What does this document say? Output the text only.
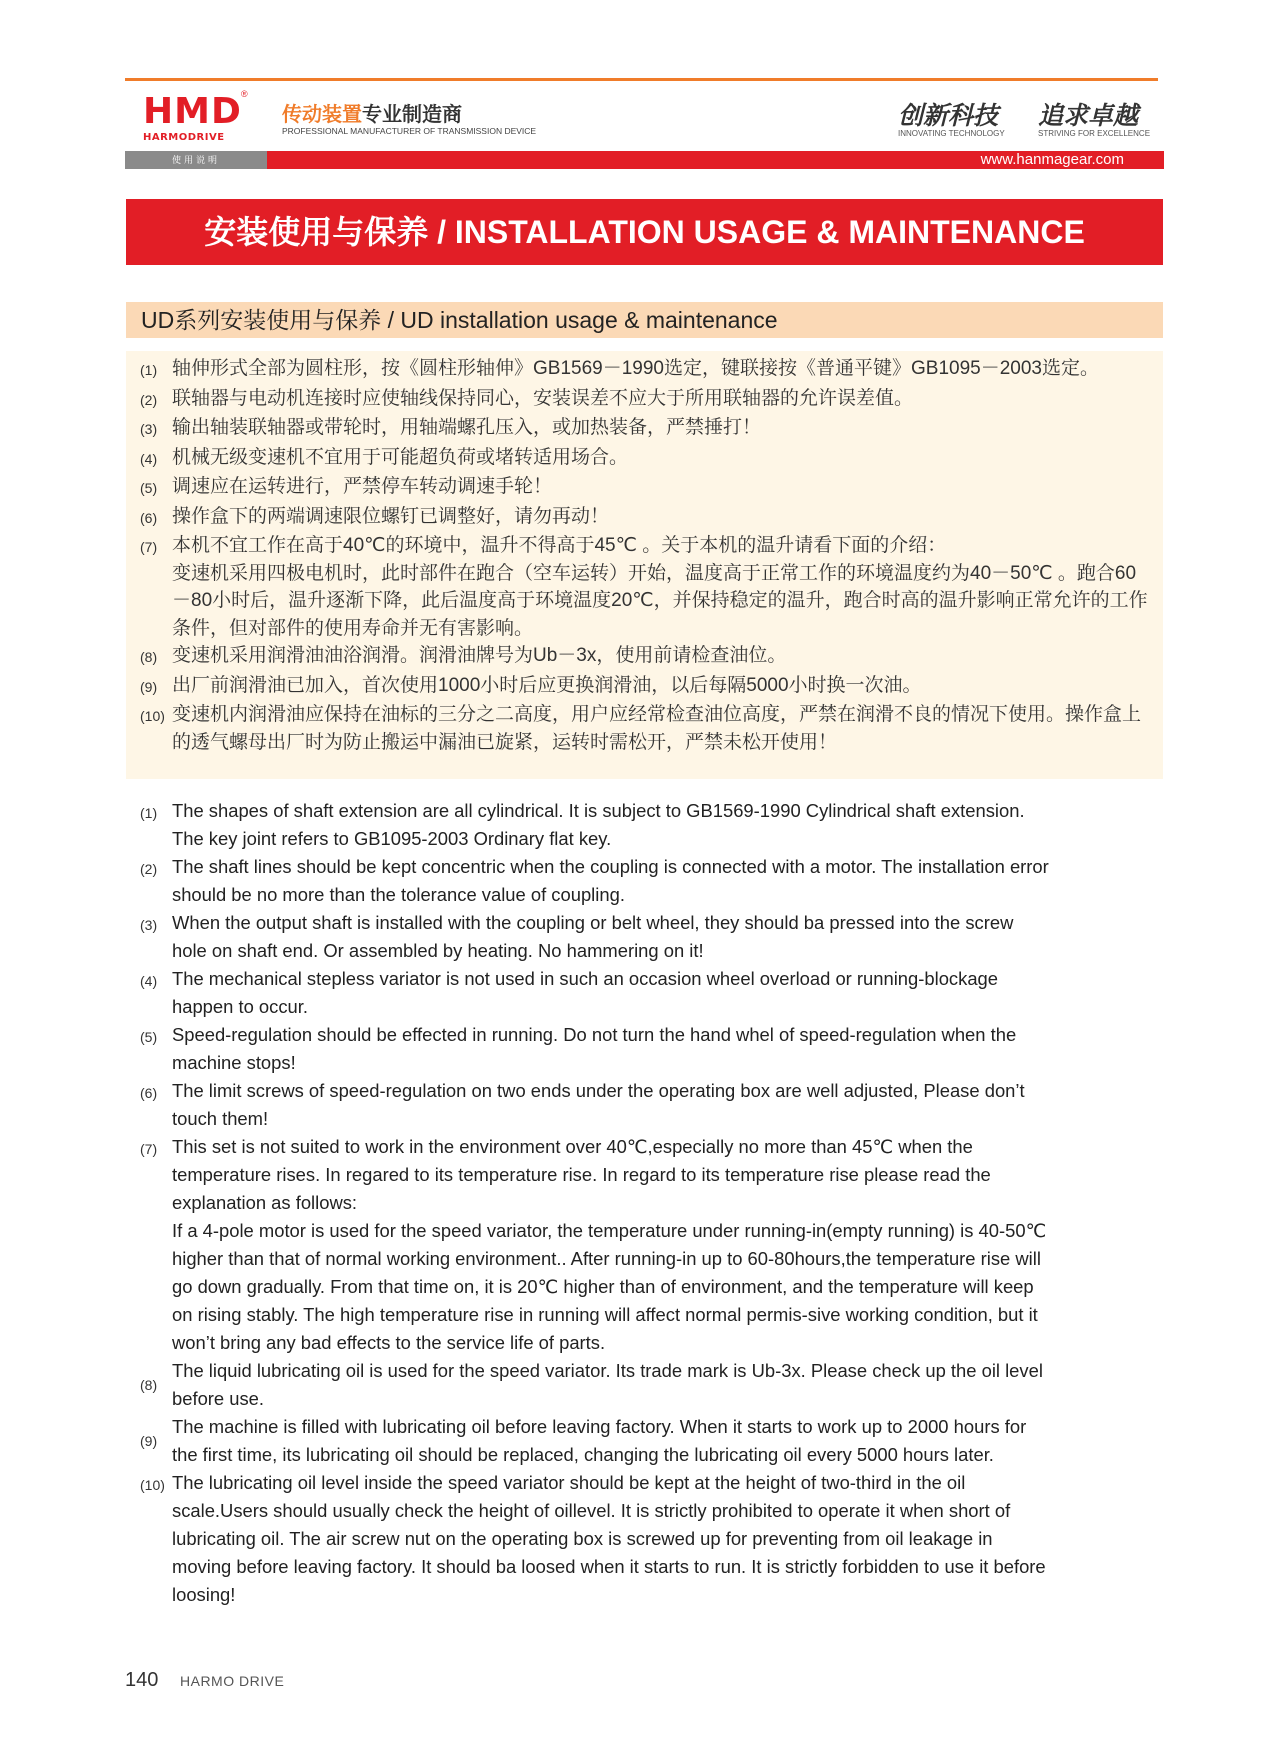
HMD
HARMODRIVE
®
传动装置专业制造商
PROFESSIONAL MANUFACTURER OF TRANSMISSION DEVICE
创新科技
INNOVATING TECHNOLOGY
追求卓越
STRIVING FOR EXCELLENCE
使用说明	www.hanmagear.com
安装使用与保养 / INSTALLATION USAGE & MAINTENANCE
UD系列安装使用与保养 / UD installation usage & maintenance
(1) 轴伸形式全部为圆柱形，按《圆柱形轴伸》GB1569－1990选定，键联接按《普通平键》GB1095－2003选定。
(2) 联轴器与电动机连接时应使轴线保持同心，安装误差不应大于所用联轴器的允许误差值。
(3) 输出轴装联轴器或带轮时，用轴端螺孔压入，或加热装备，严禁捶打！
(4) 机械无级变速机不宜用于可能超负荷或堵转适用场合。
(5) 调速应在运转进行，严禁停车转动调速手轮！
(6) 操作盒下的两端调速限位螺钉已调整好，请勿再动！
(7) 本机不宜工作在高于40℃的环境中，温升不得高于45℃ 。关于本机的温升请看下面的介绍：
变速机采用四极电机时，此时部件在跑合（空车运转）开始，温度高于正常工作的环境温度约为40－50℃ 。跑合60－80小时后，温升逐渐下降，此后温度高于环境温度20℃，并保持稳定的温升，跑合时高的温升影响正常允许的工作条件，但对部件的使用寿命并无有害影响。
(8) 变速机采用润滑油油浴润滑。润滑油牌号为Ub－3x，使用前请检查油位。
(9) 出厂前润滑油已加入，首次使用1000小时后应更换润滑油，以后每隔5000小时换一次油。
(10) 变速机内润滑油应保持在油标的三分之二高度，用户应经常检查油位高度，严禁在润滑不良的情况下使用。操作盒上的透气螺母出厂时为防止搬运中漏油已旋紧，运转时需松开，严禁未松开使用！
(1) The shapes of shaft extension are all cylindrical. It is subject to GB1569-1990 Cylindrical shaft extension.
The key joint refers to GB1095-2003 Ordinary flat key.
(2) The shaft lines should be kept concentric when the coupling is connected with a motor. The installation error
should be no more than the tolerance value of coupling.
(3) When the output shaft is installed with the coupling or belt wheel, they should ba pressed into the screw
hole on shaft end. Or assembled by heating. No hammering on it!
(4) The mechanical stepless variator is not used in such an occasion wheel overload or running-blockage
happen to occur.
(5) Speed-regulation should be effected in running. Do not turn the hand whel of speed-regulation when the
machine stops!
(6) The limit screws of speed-regulation on two ends under the operating box are well adjusted, Please don’t
touch them!
(7) This set is not suited to work in the environment over 40℃,especially no more than 45℃ when the
temperature rises. In regared to its temperature rise. In regard to its temperature rise please read the
explanation as follows:
If a 4-pole motor is used for the speed variator, the temperature under running-in(empty running) is 40-50℃
higher than that of normal working environment.. After running-in up to 60-80hours,the temperature rise will
go down gradually. From that time on, it is 20℃ higher than of environment, and the temperature will keep
on rising stably. The high temperature rise in running will affect normal permis-sive working condition, but it
won’t bring any bad effects to the service life of parts.
(8)
The liquid lubricating oil is used for the speed variator. Its trade mark is Ub-3x. Please check up the oil level
before use.
(9)
The machine is filled with lubricating oil before leaving factory. When it starts to work up to 2000 hours for
the first time, its lubricating oil should be replaced, changing the lubricating oil every 5000 hours later.
(10) The lubricating oil level inside the speed variator should be kept at the height of two-third in the oil
scale.Users should usually check the height of oillevel. It is strictly prohibited to operate it when short of
lubricating oil. The air screw nut on the operating box is screwed up for preventing from oil leakage in
moving before leaving factory. It should ba loosed when it starts to run. It is strictly forbidden to use it before
loosing!
140 HARMO DRIVE
